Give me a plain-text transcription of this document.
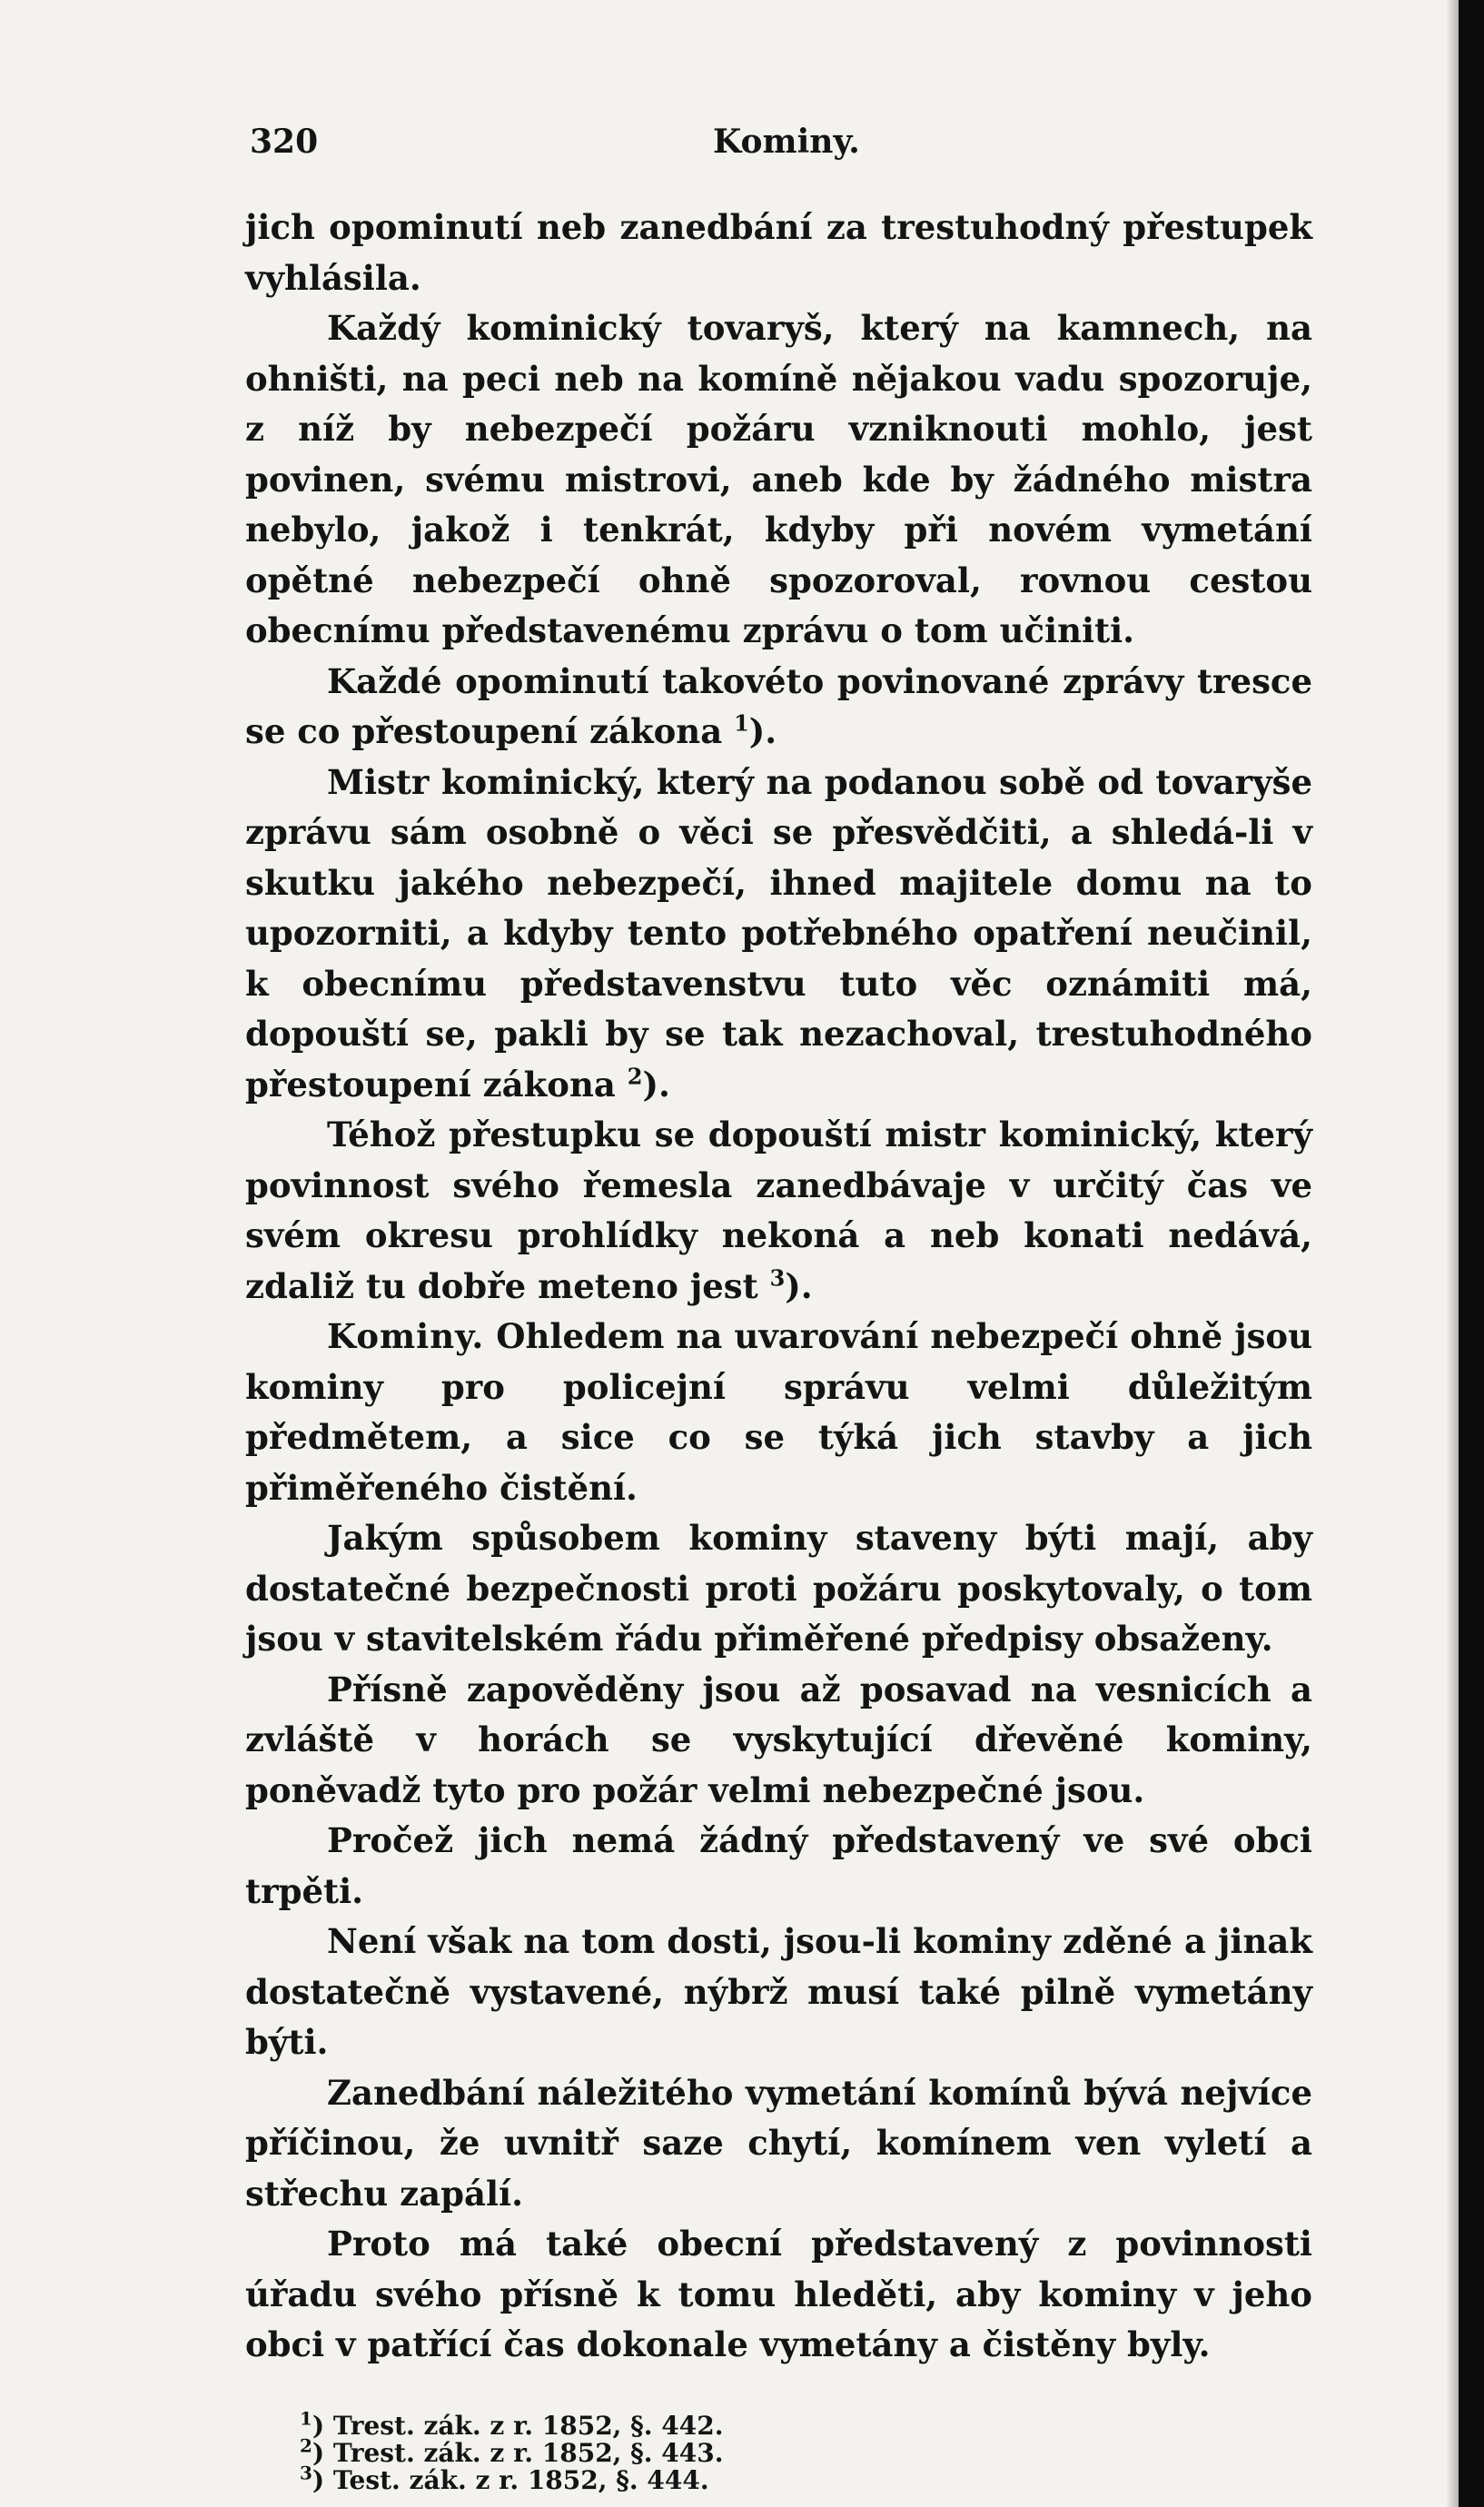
320	Kominy.

jich opominutí neb zanedbání za trestuhodný přestupek vyhlásila.

Každý kominický tovaryš, který na kamnech, na ohništi, na peci neb na komíně nějakou vadu spozoruje, z níž by nebezpečí požáru vzniknouti mohlo, jest povinen, svému mistrovi, aneb kde by žádného mistra nebylo, jakož i tenkrát, kdyby při novém vymetání opětné nebezpečí ohně spozoroval, rovnou cestou obecnímu představenému zprávu o tom učiniti.

Každé opominutí takovéto povinované zprávy tresce se co přestoupení zákona $^1$).

Mistr kominický, který na podanou sobě od tovaryše zprávu sám osobně o věci se přesvědčiti, a shledá-li v skutku jakého nebezpečí, ihned majitele domu na to upozorniti, a kdyby tento potřebného opatření neučinil, k obecnímu představenstvu tuto věc oznámiti má, dopouští se, pakli by se tak nezachoval, trestuhodného přestoupení zákona $^2$).

Téhož přestupku se dopouští mistr kominický, který povinnost svého řemesla zanedbávaje v určitý čas ve svém okresu prohlídky nekoná a neb konati nedává, zdaliž tu dobře meteno jest $^3$).

Kominy. Ohledem na uvarování nebezpečí ohně jsou kominy pro policejní správu velmi důležitým předmětem, a sice co se týká jich stavby a jich přiměřeného čistění.

Jakým spůsobem kominy staveny býti mají, aby dostatečné bezpečnosti proti požáru poskytovaly, o tom jsou v stavitelském řádu přiměřené předpisy obsaženy.

Přísně zapověděny jsou až posavad na vesnicích a zvláště v horách se vyskytující dřevěné kominy, poněvadž tyto pro požár velmi nebezpečné jsou.

Pročež jich nemá žádný představený ve své obci trpěti.

Není však na tom dosti, jsou-li kominy zděné a jinak dostatečně vystavené, nýbrž musí také pilně vymetány býti.

Zanedbání náležitého vymetání komínů bývá nejvíce příčinou, že uvnitř saze chytí, komínem ven vyletí a střechu zapálí.

Proto má také obecní představený z povinnosti úřadu svého přísně k tomu hleděti, aby kominy v jeho obci v patřící čas dokonale vymetány a čistěny byly.

$^1$) Trest. zák. z r. 1852, §. 442.
$^2$) Trest. zák. z r. 1852, §. 443.
$^3$) Test. zák. z r. 1852, §. 444.
